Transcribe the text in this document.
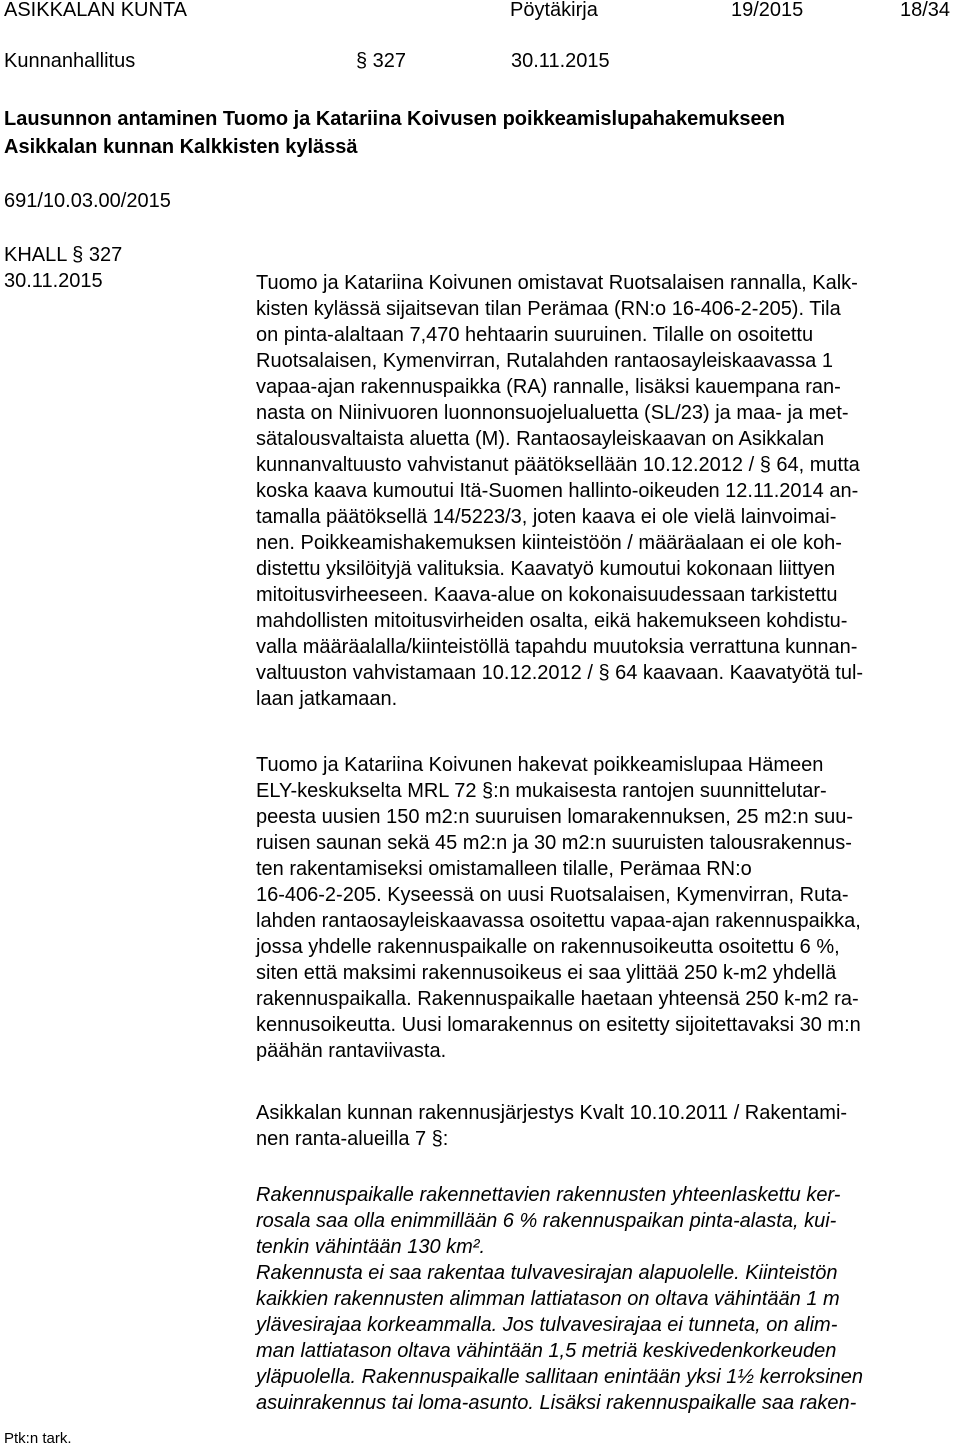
ASIKKALAN KUNTA	Pöytäkirja	19/2015	18/34
Kunnanhallitus	§ 327	30.11.2015
Lausunnon antaminen Tuomo ja Katariina Koivusen poikkeamislupahakemukseen
Asikkalan kunnan Kalkkisten kylässä
691/10.03.00/2015
KHALL § 327
30.11.2015	Tuomo ja Katariina Koivunen omistavat Ruotsalaisen rannalla, Kalk-
kisten kylässä sijaitsevan tilan Perämaa (RN:o 16-406-2-205). Tila
on pinta-alaltaan 7,470 hehtaarin suuruinen. Tilalle on osoitettu
Ruotsalaisen, Kymenvirran, Rutalahden rantaosayleiskaavassa 1
vapaa-ajan rakennuspaikka (RA) rannalle, lisäksi kauempana ran-
nasta on Niinivuoren luonnonsuojelualuetta (SL/23) ja maa- ja met-
sätalousvaltaista aluetta (M). Rantaosayleiskaavan on Asikkalan
kunnanvaltuusto vahvistanut päätöksellään 10.12.2012 / § 64, mutta
koska kaava kumoutui Itä-Suomen hallinto-oikeuden 12.11.2014 an-
tamalla päätöksellä 14/5223/3, joten kaava ei ole vielä lainvoimai-
nen. Poikkeamishakemuksen kiinteistöön / määräalaan ei ole koh-
distettu yksilöityjä valituksia. Kaavatyö kumoutui kokonaan liittyen
mitoitusvirheeseen. Kaava-alue on kokonaisuudessaan tarkistettu
mahdollisten mitoitusvirheiden osalta, eikä hakemukseen kohdistu-
valla määräalalla/kiinteistöllä tapahdu muutoksia verrattuna kunnan-
valtuuston vahvistamaan 10.12.2012 / § 64 kaavaan. Kaavatyötä tul-
laan jatkamaan.
Tuomo ja Katariina Koivunen hakevat poikkeamislupaa Hämeen
ELY-keskukselta MRL 72 §:n mukaisesta rantojen suunnittelutar-
peesta uusien 150 m2:n suuruisen lomarakennuksen, 25 m2:n suu-
ruisen saunan sekä 45 m2:n ja 30 m2:n suuruisten talousrakennus-
ten rakentamiseksi omistamalleen tilalle, Perämaa RN:o
16-406-2-205. Kyseessä on uusi Ruotsalaisen, Kymenvirran, Ruta-
lahden rantaosayleiskaavassa osoitettu vapaa-ajan rakennuspaikka,
jossa yhdelle rakennuspaikalle on rakennusoikeutta osoitettu 6 %,
siten että maksimi rakennusoikeus ei saa ylittää 250 k-m2 yhdellä
rakennuspaikalla. Rakennuspaikalle haetaan yhteensä 250 k-m2 ra-
kennusoikeutta. Uusi lomarakennus on esitetty sijoitettavaksi 30 m:n
päähän rantaviivasta.
Asikkalan kunnan rakennusjärjestys Kvalt 10.10.2011 / Rakentami-
nen ranta-alueilla 7 §:
Rakennuspaikalle rakennettavien rakennusten yhteenlaskettu ker-
rosala saa olla enimmillään 6 % rakennuspaikan pinta-alasta, kui-
tenkin vähintään 130 km².
Rakennusta ei saa rakentaa tulvavesirajan alapuolelle. Kiinteistön
kaikkien rakennusten alimman lattiatason on oltava vähintään 1 m
ylävesirajaa korkeammalla. Jos tulvavesirajaa ei tunneta, on alim-
man lattiatason oltava vähintään 1,5 metriä keskivedenkorkeuden
yläpuolella. Rakennuspaikalle sallitaan enintään yksi 1½ kerroksinen
asuinrakennus tai loma-asunto. Lisäksi rakennuspaikalle saa raken-
Ptk:n tark.
